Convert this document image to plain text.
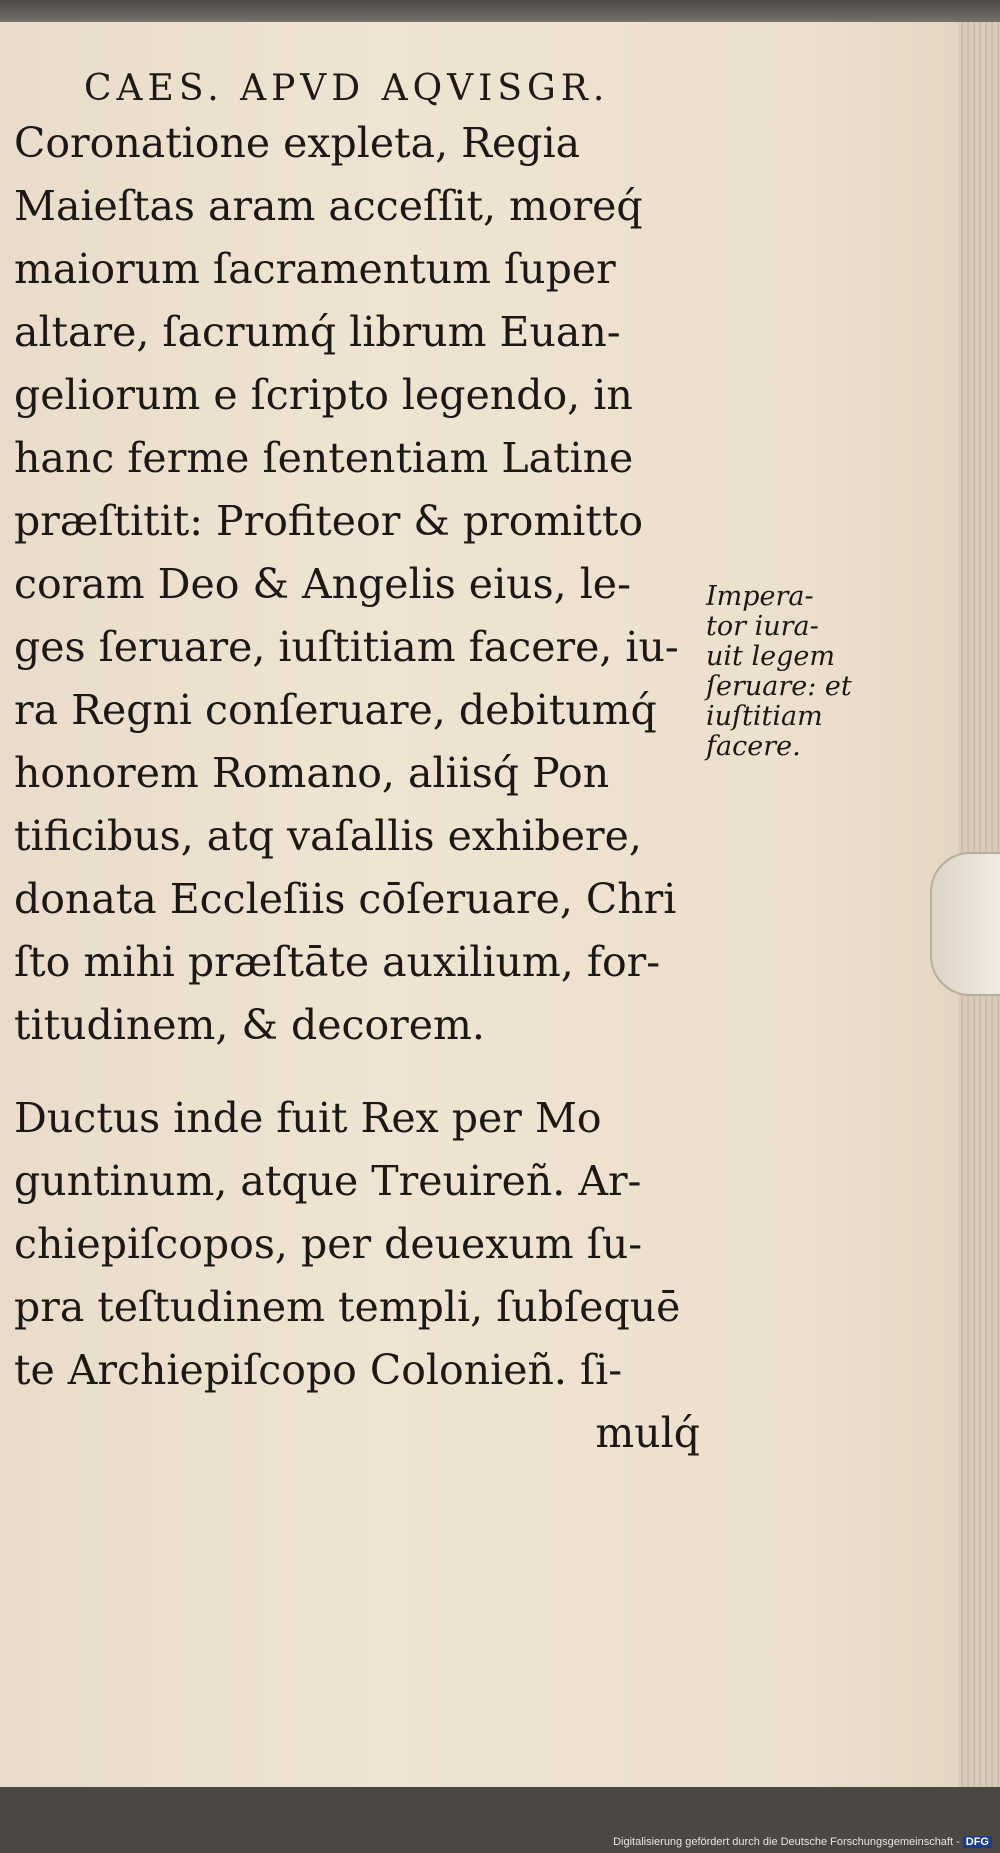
CAES. APVD AQVISGR.

Coronatione expleta, Regia

Maieſtas aram acceſſit, moreq́

maiorum ſacramentum ſuper

altare, ſacrumq́ librum Euan-

geliorum e ſcripto legendo, in

hanc ferme ſententiam Latine

præſtitit: Profiteor & promitto

coram Deo & Angelis eius, le-

ges ſeruare, iuſtitiam facere, iu-

ra Regni conſeruare, debitumq́

honorem Romano, aliisq́ Pon

tificibus, atq vaſallis exhibere,

donata Eccleſiis cōſeruare, Chri

ſto mihi præſtāte auxilium, for-

titudinem, & decorem.

Ductus inde fuit Rex per Mo

guntinum, atque Treuireñ. Ar-

chiepiſcopos, per deuexum ſu-

pra teſtudinem templi, ſubſequē

te Archiepiſcopo Colonieñ. ſi-

mulq́

Impera-

tor iura-

uit legem

ſeruare: et

iuſtitiam

facere.

Digitalisierung gefördert durch die Deutsche Forschungsgemeinschaft - DFG
